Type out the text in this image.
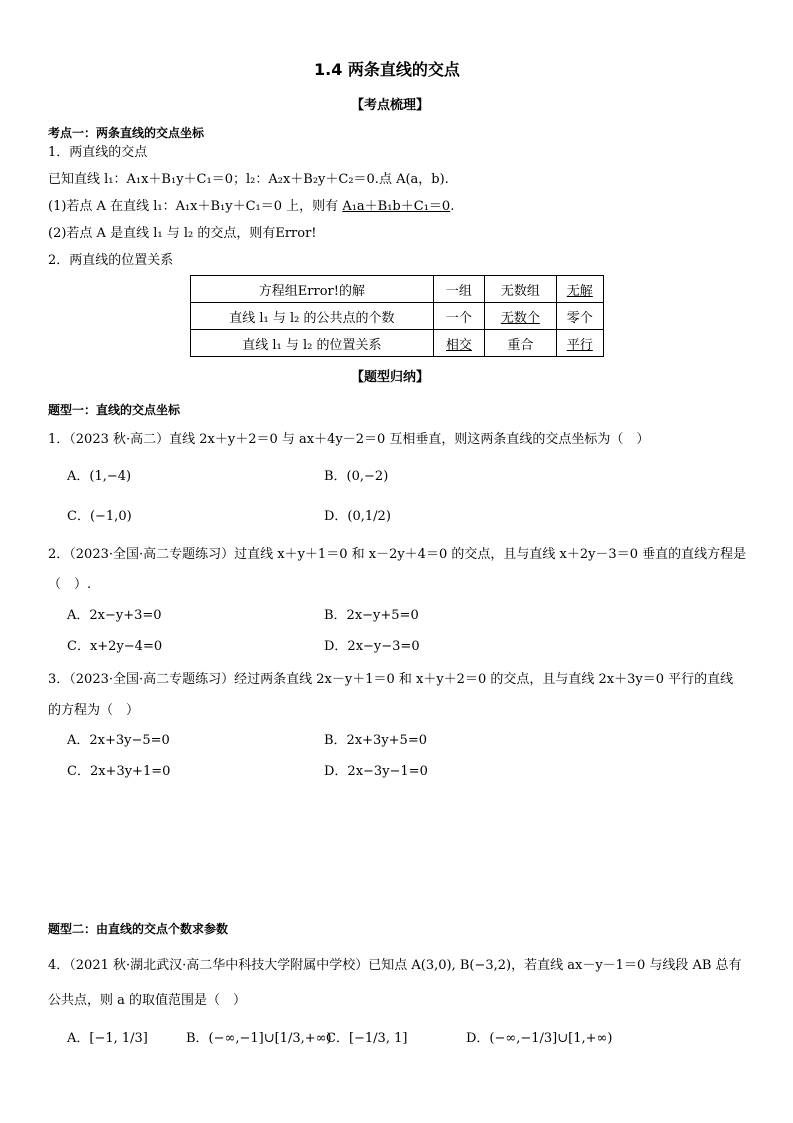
1.4 两条直线的交点
【考点梳理】
考点一：两条直线的交点坐标
1．两直线的交点
已知直线 l₁：A₁x＋B₁y＋C₁＝0；l₂：A₂x＋B₂y＋C₂＝0.点 A(a，b).
(1)若点 A 在直线 l₁：A₁x＋B₁y＋C₁＝0 上，则有 A₁a＋B₁b＋C₁＝0.
(2)若点 A 是直线 l₁ 与 l₂ 的交点，则有Error!
2．两直线的位置关系
方程组Error!的解	一组	无数组	无解
直线 l₁ 与 l₂ 的公共点的个数	一个	无数个	零个
直线 l₁ 与 l₂ 的位置关系	相交	重合	平行
【题型归纳】
题型一：直线的交点坐标
1．（2023 秋·高二）直线 2x＋y＋2＝0 与 ax＋4y－2＝0 互相垂直，则这两条直线的交点坐标为（　）
A．(1,−4)	B．(0,−2)
C．(−1,0)	D．(0,1/2)
2．（2023·全国·高二专题练习）过直线 x＋y＋1＝0 和 x－2y＋4＝0 的交点，且与直线 x＋2y－3＝0 垂直的直线方程是
（　）.
A．2x−y+3=0	B．2x−y+5=0
C．x+2y−4=0	D．2x−y−3=0
3．（2023·全国·高二专题练习）经过两条直线 2x－y＋1＝0 和 x＋y＋2＝0 的交点，且与直线 2x＋3y＝0 平行的直线
的方程为（　）
A．2x+3y−5=0	B．2x+3y+5=0
C．2x+3y+1=0	D．2x−3y−1=0
题型二：由直线的交点个数求参数
4．（2021 秋·湖北武汉·高二华中科技大学附属中学校）已知点 A(3,0), B(−3,2)，若直线 ax－y－1＝0 与线段 AB 总有
公共点，则 a 的取值范围是（　）
A．[−1, 1/3]	B．(−∞,−1]∪[1/3,+∞)
C．[−1/3, 1]	D．(−∞,−1/3]∪[1,+∞)
